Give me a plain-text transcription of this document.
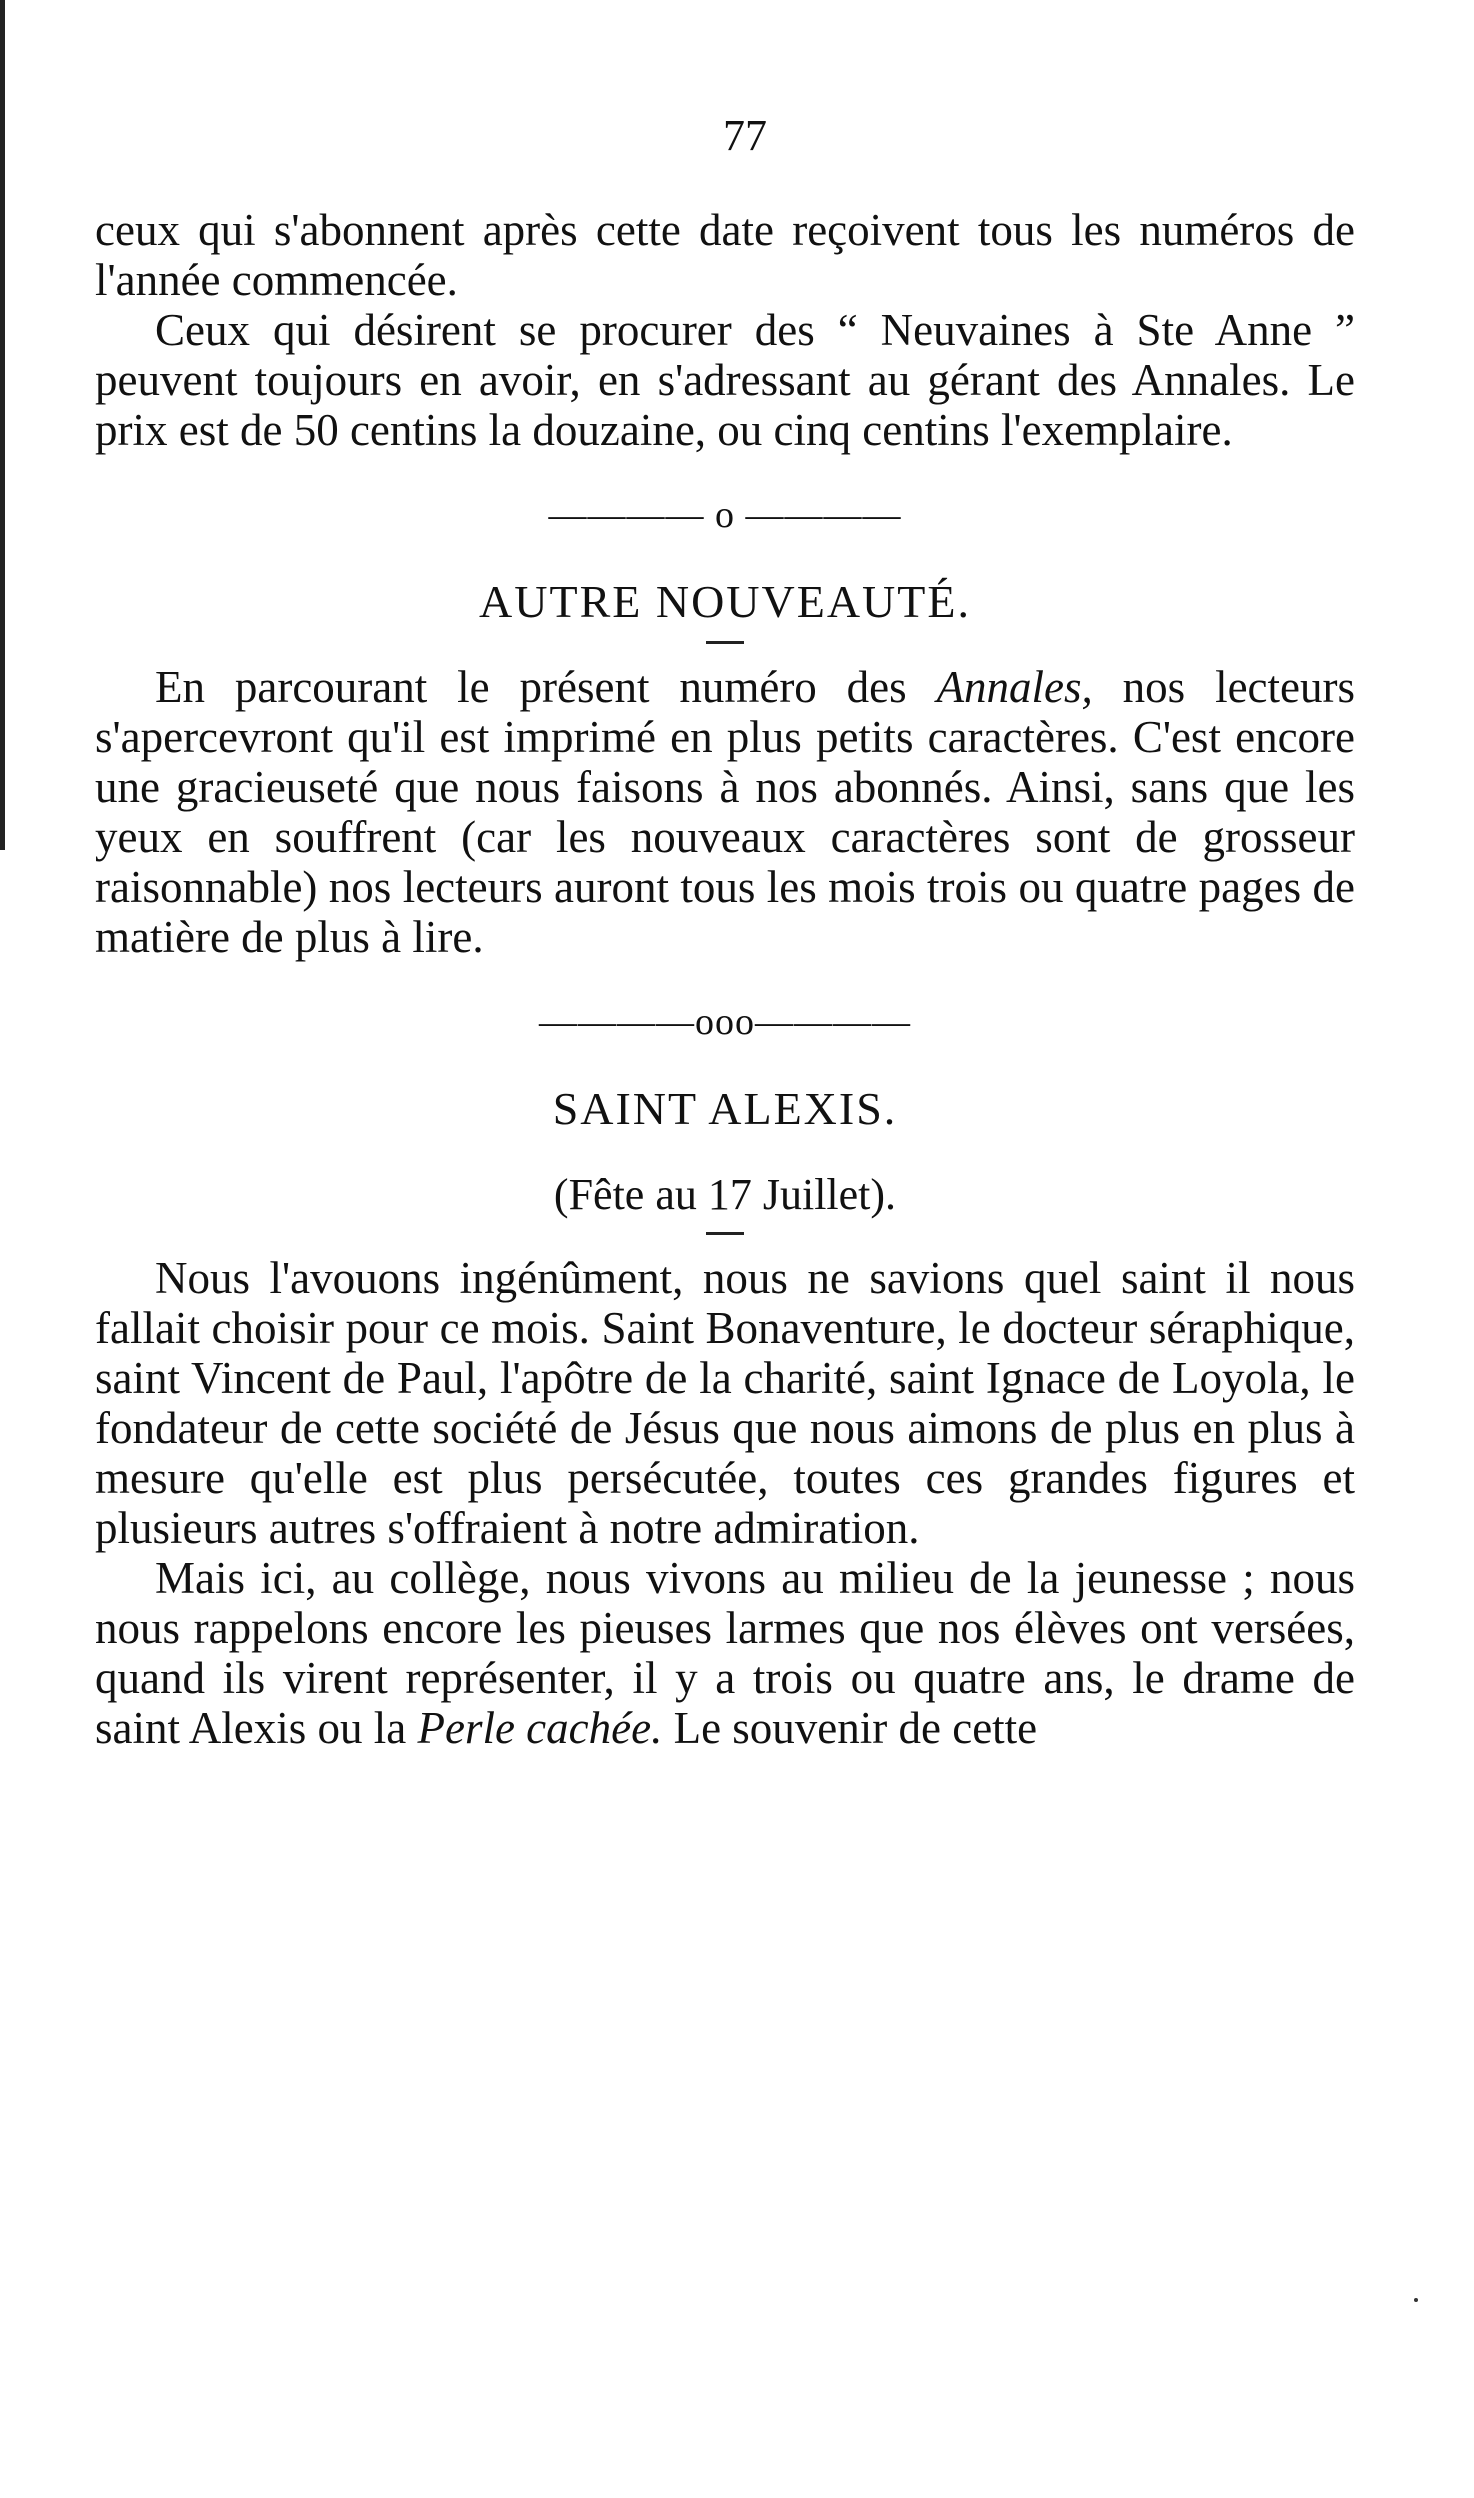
77

ceux qui s'abonnent après cette date reçoivent tous les numéros de l'année commencée.

Ceux qui désirent se procurer des “ Neuvaines à Ste Anne ” peuvent toujours en avoir, en s'adressant au gérant des Annales. Le prix est de 50 centins la douzaine, ou cinq centins l'exemplaire.

———— o ————
AUTRE NOUVEAUTÉ.

En parcourant le présent numéro des Annales, nos lecteurs s'apercevront qu'il est imprimé en plus petits caractères. C'est encore une gracieuseté que nous faisons à nos abonnés. Ainsi, sans que les yeux en souffrent (car les nouveaux caractères sont de grosseur raisonnable) nos lecteurs auront tous les mois trois ou quatre pages de matière de plus à lire.

————ooo————
SAINT ALEXIS.
(Fête au 17 Juillet).

Nous l'avouons ingénûment, nous ne savions quel saint il nous fallait choisir pour ce mois. Saint Bonaventure, le docteur séraphique, saint Vincent de Paul, l'apôtre de la charité, saint Ignace de Loyola, le fondateur de cette société de Jésus que nous aimons de plus en plus à mesure qu'elle est plus persécutée, toutes ces grandes figures et plusieurs autres s'offraient à notre admiration.

Mais ici, au collège, nous vivons au milieu de la jeunesse ; nous nous rappelons encore les pieuses larmes que nos élèves ont versées, quand ils virent représenter, il y a trois ou quatre ans, le drame de saint Alexis ou la Perle cachée. Le souvenir de cette
